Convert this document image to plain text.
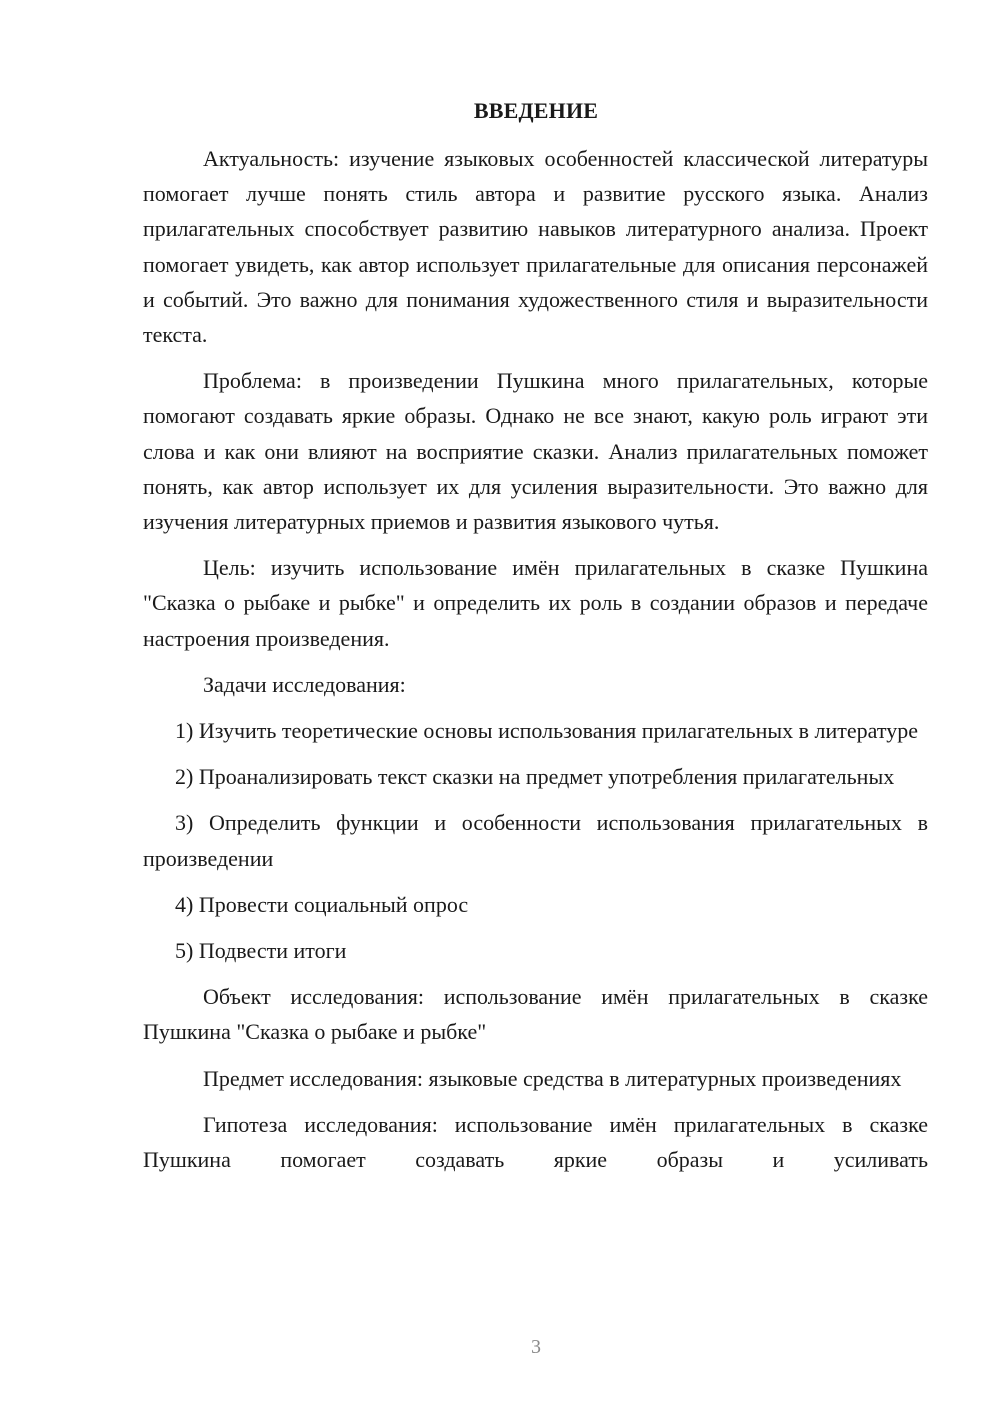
ВВЕДЕНИЕ

Актуальность: изучение языковых особенностей классической литературы помогает лучше понять стиль автора и развитие русского языка. Анализ прилагательных способствует развитию навыков литературного анализа. Проект помогает увидеть, как автор использует прилагательные для описания персонажей и событий. Это важно для понимания художественного стиля и выразительности текста.

Проблема: в произведении Пушкина много прилагательных, которые помогают создавать яркие образы. Однако не все знают, какую роль играют эти слова и как они влияют на восприятие сказки. Анализ прилагательных поможет понять, как автор использует их для усиления выразительности. Это важно для изучения литературных приемов и развития языкового чутья.

Цель: изучить использование имён прилагательных в сказке Пушкина "Сказка о рыбаке и рыбке" и определить их роль в создании образов и передаче настроения произведения.

Задачи исследования:

1) Изучить теоретические основы использования прилагательных в литературе

2) Проанализировать текст сказки на предмет употребления прилагательных

3) Определить функции и особенности использования прилагательных в произведении

4) Провести социальный опрос

5) Подвести итоги

Объект исследования: использование имён прилагательных в сказке Пушкина "Сказка о рыбаке и рыбке"

Предмет исследования: языковые средства в литературных произведениях

Гипотеза исследования: использование имён прилагательных в сказке Пушкина помогает создавать яркие образы и усиливать

3
